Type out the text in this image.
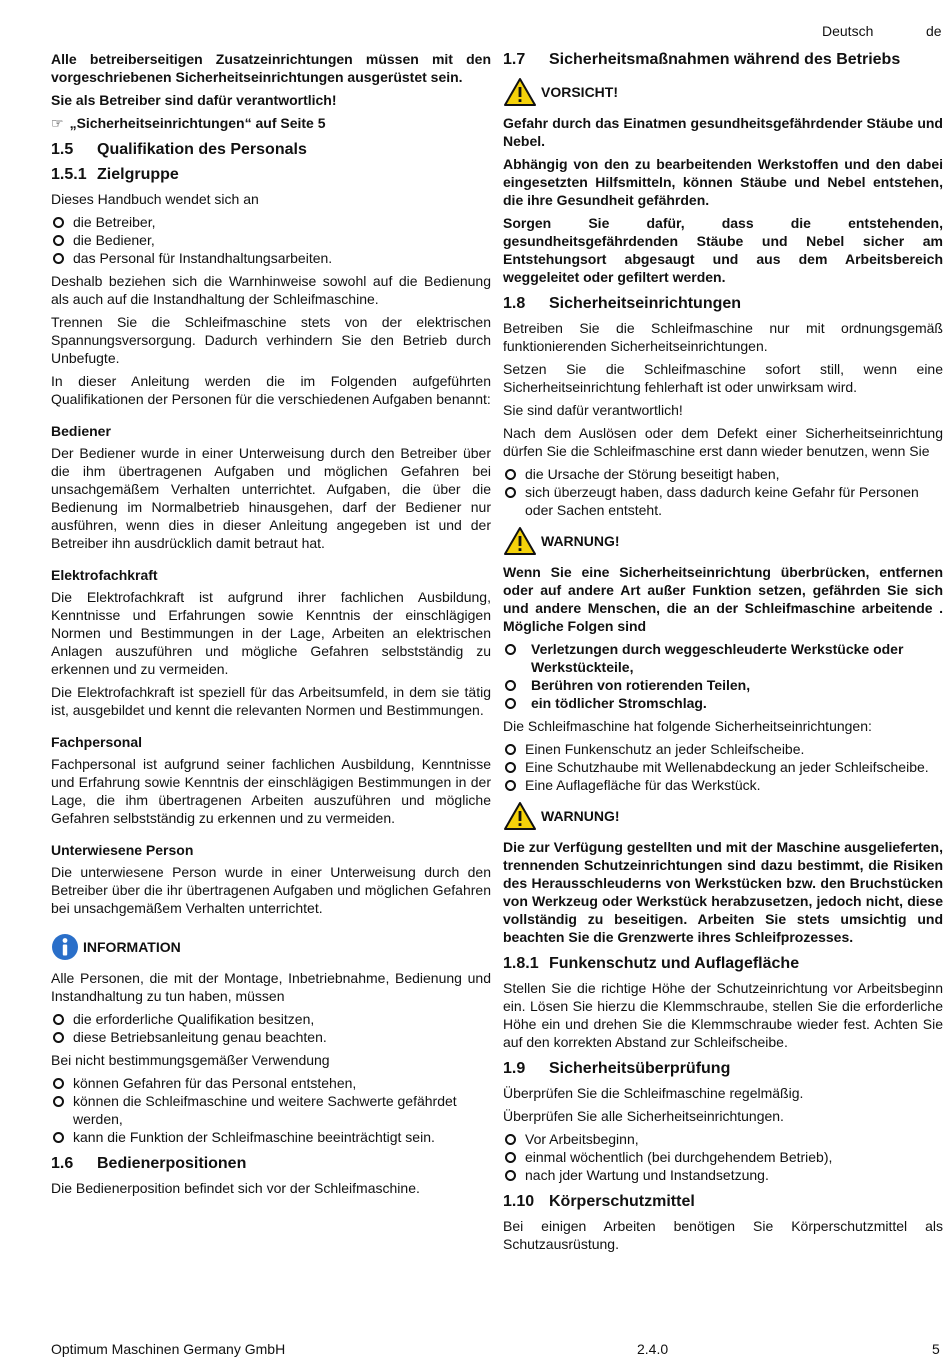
Deutsch	de

Alle betreiberseitigen Zusatzeinrichtungen müssen mit den vorgeschriebenen Sicherheitseinrichtungen ausgerüstet sein.

Sie als Betreiber sind dafür verantwortlich!

☞ „Sicherheitseinrichtungen“ auf Seite 5
1.5 Qualifikation des Personals
1.5.1 Zielgruppe

Dieses Handbuch wendet sich an

die Betreiber,
die Bediener,
das Personal für Instandhaltungsarbeiten.

Deshalb beziehen sich die Warnhinweise sowohl auf die Bedienung als auch auf die Instandhaltung der Schleifmaschine.

Trennen Sie die Schleifmaschine stets von der elektrischen Spannungsversorgung. Dadurch verhindern Sie den Betrieb durch Unbefugte.

In dieser Anleitung werden die im Folgenden aufgeführten Qualifikationen der Personen für die verschiedenen Aufgaben benannt:

Bediener

Der Bediener wurde in einer Unterweisung durch den Betreiber über die ihm übertragenen Aufgaben und möglichen Gefahren bei unsachgemäßem Verhalten unterrichtet. Aufgaben, die über die Bedienung im Normalbetrieb hinausgehen, darf der Bediener nur ausführen, wenn dies in dieser Anleitung angegeben ist und der Betreiber ihn ausdrücklich damit betraut hat.

Elektrofachkraft

Die Elektrofachkraft ist aufgrund ihrer fachlichen Ausbildung, Kenntnisse und Erfahrungen sowie Kenntnis der einschlägigen Normen und Bestimmungen in der Lage, Arbeiten an elektrischen Anlagen auszuführen und mögliche Gefahren selbstständig zu erkennen und zu vermeiden.

Die Elektrofachkraft ist speziell für das Arbeitsumfeld, in dem sie tätig ist, ausgebildet und kennt die relevanten Normen und Bestimmungen.

Fachpersonal

Fachpersonal ist aufgrund seiner fachlichen Ausbildung, Kenntnisse und Erfahrung sowie Kenntnis der einschlägigen Bestimmungen in der Lage, die ihm übertragenen Arbeiten auszuführen und mögliche Gefahren selbstständig zu erkennen und zu vermeiden.

Unterwiesene Person

Die unterwiesene Person wurde in einer Unterweisung durch den Betreiber über die ihr übertragenen Aufgaben und möglichen Gefahren bei unsachgemäßem Verhalten unterrichtet.

INFORMATION

Alle Personen, die mit der Montage, Inbetriebnahme, Bedienung und Instandhaltung zu tun haben, müssen

die erforderliche Qualifikation besitzen,
diese Betriebsanleitung genau beachten.

Bei nicht bestimmungsgemäßer Verwendung

können Gefahren für das Personal entstehen,
können die Schleifmaschine und weitere Sachwerte gefährdet werden,
kann die Funktion der Schleifmaschine beeinträchtigt sein.
1.6 Bedienerpositionen

Die Bedienerposition befindet sich vor der Schleifmaschine.

1.7 Sicherheitsmaßnahmen während des Betriebs
VORSICHT!

Gefahr durch das Einatmen gesundheitsgefährdender Stäube und Nebel.

Abhängig von den zu bearbeitenden Werkstoffen und den dabei eingesetzten Hilfsmitteln, können Stäube und Nebel entstehen, die ihre Gesundheit gefährden.

Sorgen Sie dafür, dass die entstehenden, gesundheitsgefährdenden Stäube und Nebel sicher am Entstehungsort abgesaugt und aus dem Arbeitsbereich weggeleitet oder gefiltert werden.

1.8 Sicherheitseinrichtungen

Betreiben Sie die Schleifmaschine nur mit ordnungsgemäß funktionierenden Sicherheitseinrichtungen.

Setzen Sie die Schleifmaschine sofort still, wenn eine Sicherheitseinrichtung fehlerhaft ist oder unwirksam wird.

Sie sind dafür verantwortlich!

Nach dem Auslösen oder dem Defekt einer Sicherheitseinrichtung dürfen Sie die Schleifmaschine erst dann wieder benutzen, wenn Sie

die Ursache der Störung beseitigt haben,
sich überzeugt haben, dass dadurch keine Gefahr für Personen oder Sachen entsteht.
WARNUNG!

Wenn Sie eine Sicherheitseinrichtung überbrücken, entfernen oder auf andere Art außer Funktion setzen, gefährden Sie sich und andere Menschen, die an der Schleifmaschine arbeitende . Mögliche Folgen sind

Verletzungen durch weggeschleuderte Werkstücke oder Werkstückteile,
Berühren von rotierenden Teilen,
ein tödlicher Stromschlag.

Die Schleifmaschine hat folgende Sicherheitseinrichtungen:

Einen Funkenschutz an jeder Schleifscheibe.
Eine Schutzhaube mit Wellenabdeckung an jeder Schleifscheibe.
Eine Auflagefläche für das Werkstück.
WARNUNG!

Die zur Verfügung gestellten und mit der Maschine ausgelieferten, trennenden Schutzeinrichtungen sind dazu bestimmt, die Risiken des Herausschleuderns von Werkstücken bzw. den Bruchstücken von Werkzeug oder Werkstück herabzusetzen, jedoch nicht, diese vollständig zu beseitigen. Arbeiten Sie stets umsichtig und beachten Sie die Grenzwerte ihres Schleifprozesses.

1.8.1 Funkenschutz und Auflagefläche

Stellen Sie die richtige Höhe der Schutzeinrichtung vor Arbeitsbeginn ein. Lösen Sie hierzu die Klemmschraube, stellen Sie die erforderliche Höhe ein und drehen Sie die Klemmschraube wieder fest. Achten Sie auf den korrekten Abstand zur Schleifscheibe.

1.9 Sicherheitsüberprüfung

Überprüfen Sie die Schleifmaschine regelmäßig.

Überprüfen Sie alle Sicherheitseinrichtungen.

Vor Arbeitsbeginn,
einmal wöchentlich (bei durchgehendem Betrieb),
nach jder Wartung und Instandsetzung.
1.10 Körperschutzmittel

Bei einigen Arbeiten benötigen Sie Körperschutzmittel als Schutzausrüstung.

Optimum Maschinen Germany GmbH	2.4.0	5
